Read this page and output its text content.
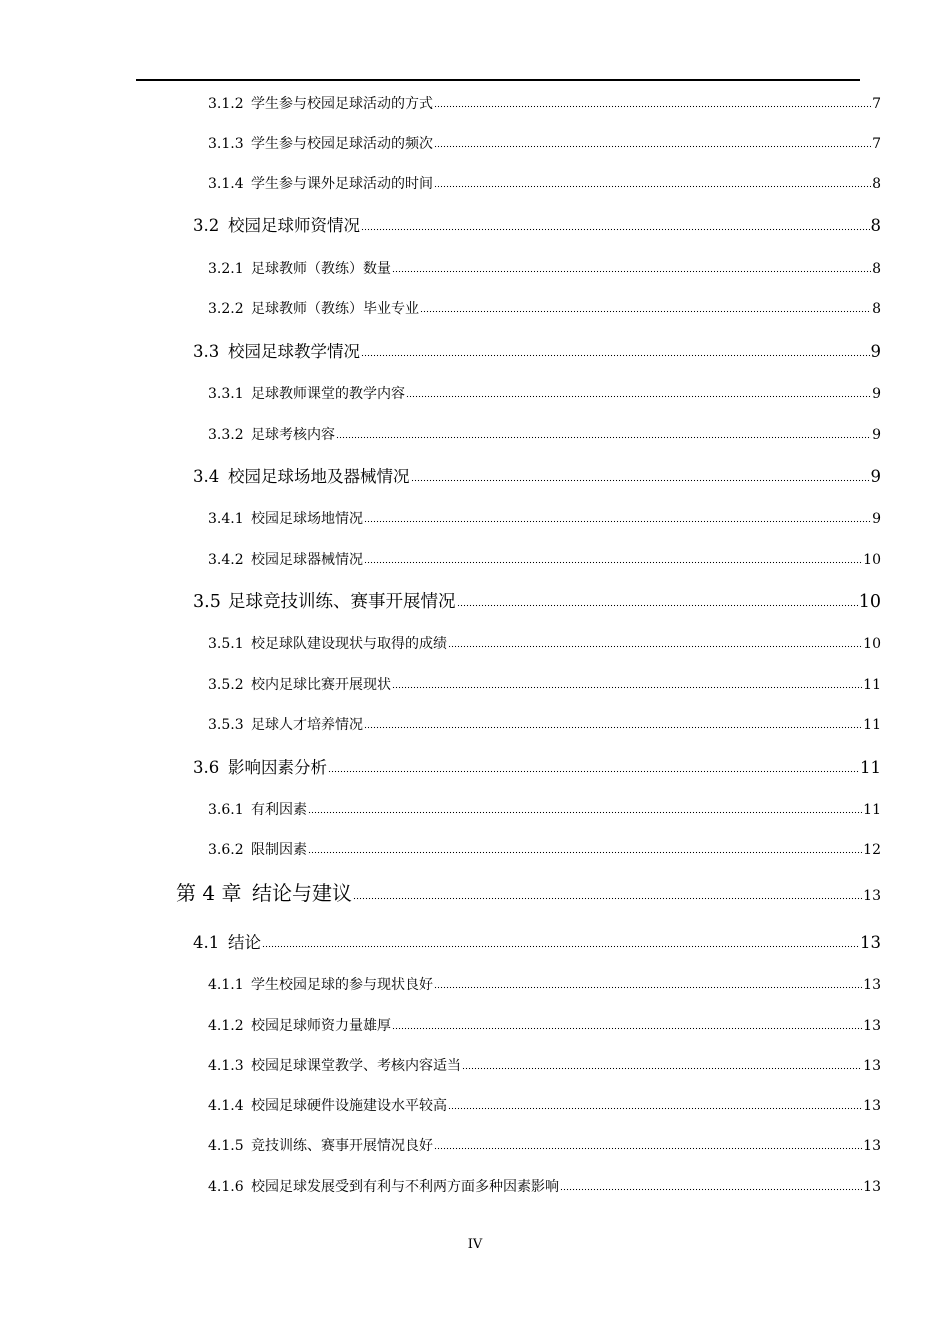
3.1.2 学生参与校园足球活动的方式	7
3.1.3 学生参与校园足球活动的频次	7
3.1.4 学生参与课外足球活动的时间	8
3.2 校园足球师资情况	8
3.2.1 足球教师（教练）数量	8
3.2.2 足球教师（教练）毕业专业	8
3.3 校园足球教学情况	9
3.3.1 足球教师课堂的教学内容	9
3.3.2 足球考核内容	9
3.4 校园足球场地及器械情况	9
3.4.1 校园足球场地情况	9
3.4.2 校园足球器械情况	10
3.5 足球竞技训练、赛事开展情况	10
3.5.1 校足球队建设现状与取得的成绩	10
3.5.2 校内足球比赛开展现状	11
3.5.3 足球人才培养情况	11
3.6 影响因素分析	11
3.6.1 有利因素	11
3.6.2 限制因素	12
第 4 章 结论与建议	13
4.1 结论	13
4.1.1 学生校园足球的参与现状良好	13
4.1.2 校园足球师资力量雄厚	13
4.1.3 校园足球课堂教学、考核内容适当	13
4.1.4 校园足球硬件设施建设水平较高	13
4.1.5 竞技训练、赛事开展情况良好	13
4.1.6 校园足球发展受到有利与不利两方面多种因素影响	13
IV
